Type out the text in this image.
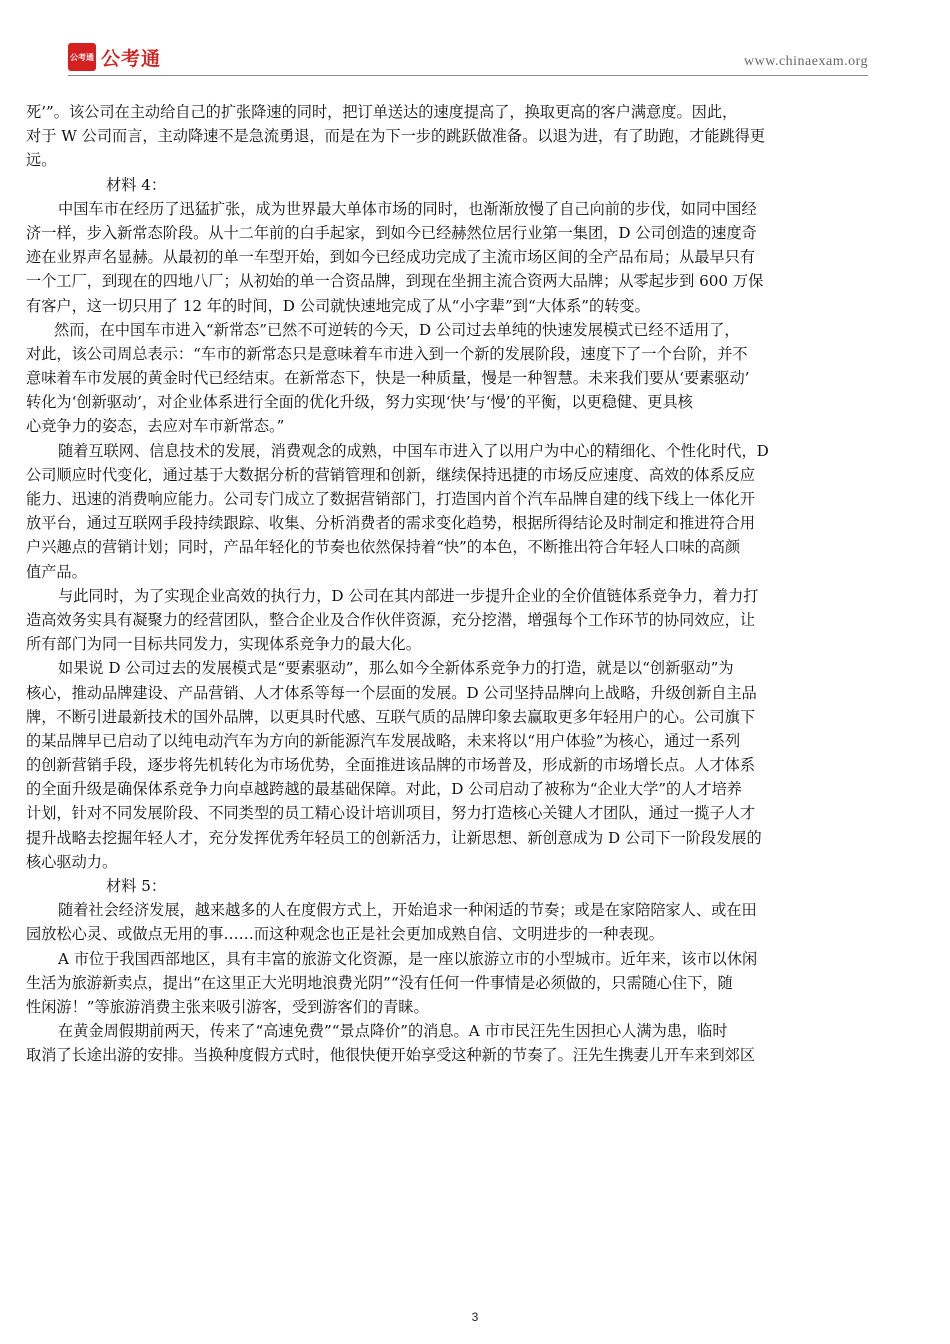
公考通 公考通	www.chinaexam.org
死’”。该公司在主动给自己的扩张降速的同时，把订单送达的速度提高了，换取更高的客户满意度。因此，
对于 W 公司而言，主动降速不是急流勇退，而是在为下一步的跳跃做准备。以退为进，有了助跑，才能跳得更
远。
材料 4：
中国车市在经历了迅猛扩张，成为世界最大单体市场的同时，也渐渐放慢了自己向前的步伐，如同中国经
济一样，步入新常态阶段。从十二年前的白手起家，到如今已经赫然位居行业第一集团，D 公司创造的速度奇
迹在业界声名显赫。从最初的单一车型开始，到如今已经成功完成了主流市场区间的全产品布局；从最早只有
一个工厂，到现在的四地八厂；从初始的单一合资品牌，到现在坐拥主流合资两大品牌；从零起步到 600 万保
有客户，这一切只用了 12 年的时间，D 公司就快速地完成了从“小字辈”到“大体系”的转变。
然而，在中国车市进入“新常态”已然不可逆转的今天，D 公司过去单纯的快速发展模式已经不适用了，
对此，该公司周总表示：“车市的新常态只是意味着车市进入到一个新的发展阶段，速度下了一个台阶，并不
意味着车市发展的黄金时代已经结束。在新常态下，快是一种质量，慢是一种智慧。未来我们要从‘要素驱动’
转化为‘创新驱动’，对企业体系进行全面的优化升级，努力实现‘快’与‘慢’的平衡，以更稳健、更具核
心竞争力的姿态，去应对车市新常态。”
随着互联网、信息技术的发展，消费观念的成熟，中国车市进入了以用户为中心的精细化、个性化时代，D
公司顺应时代变化，通过基于大数据分析的营销管理和创新，继续保持迅捷的市场反应速度、高效的体系反应
能力、迅速的消费响应能力。公司专门成立了数据营销部门，打造国内首个汽车品牌自建的线下线上一体化开
放平台，通过互联网手段持续跟踪、收集、分析消费者的需求变化趋势，根据所得结论及时制定和推进符合用
户兴趣点的营销计划；同时，产品年轻化的节奏也依然保持着“快”的本色，不断推出符合年轻人口味的高颜
值产品。
与此同时，为了实现企业高效的执行力，D 公司在其内部进一步提升企业的全价值链体系竞争力，着力打
造高效务实具有凝聚力的经营团队，整合企业及合作伙伴资源，充分挖潜，增强每个工作环节的协同效应，让
所有部门为同一目标共同发力，实现体系竞争力的最大化。
如果说 D 公司过去的发展模式是“要素驱动”，那么如今全新体系竞争力的打造，就是以“创新驱动”为
核心，推动品牌建设、产品营销、人才体系等每一个层面的发展。D 公司坚持品牌向上战略，升级创新自主品
牌，不断引进最新技术的国外品牌，以更具时代感、互联气质的品牌印象去赢取更多年轻用户的心。公司旗下
的某品牌早已启动了以纯电动汽车为方向的新能源汽车发展战略，未来将以“用户体验”为核心，通过一系列
的创新营销手段，逐步将先机转化为市场优势，全面推进该品牌的市场普及，形成新的市场增长点。人才体系
的全面升级是确保体系竞争力向卓越跨越的最基础保障。对此，D 公司启动了被称为“企业大学”的人才培养
计划，针对不同发展阶段、不同类型的员工精心设计培训项目，努力打造核心关键人才团队，通过一揽子人才
提升战略去挖掘年轻人才，充分发挥优秀年轻员工的创新活力，让新思想、新创意成为 D 公司下一阶段发展的
核心驱动力。
材料 5：
随着社会经济发展，越来越多的人在度假方式上，开始追求一种闲适的节奏；或是在家陪陪家人、或在田
园放松心灵、或做点无用的事……而这种观念也正是社会更加成熟自信、文明进步的一种表现。
A 市位于我国西部地区，具有丰富的旅游文化资源，是一座以旅游立市的小型城市。近年来，该市以休闲
生活为旅游新卖点，提出“在这里正大光明地浪费光阴”“没有任何一件事情是必须做的，只需随心住下，随
性闲游！”等旅游消费主张来吸引游客，受到游客们的青睐。
在黄金周假期前两天，传来了“高速免费”“景点降价”的消息。A 市市民汪先生因担心人满为患，临时
取消了长途出游的安排。当换种度假方式时，他很快便开始享受这种新的节奏了。汪先生携妻儿开车来到郊区
3
